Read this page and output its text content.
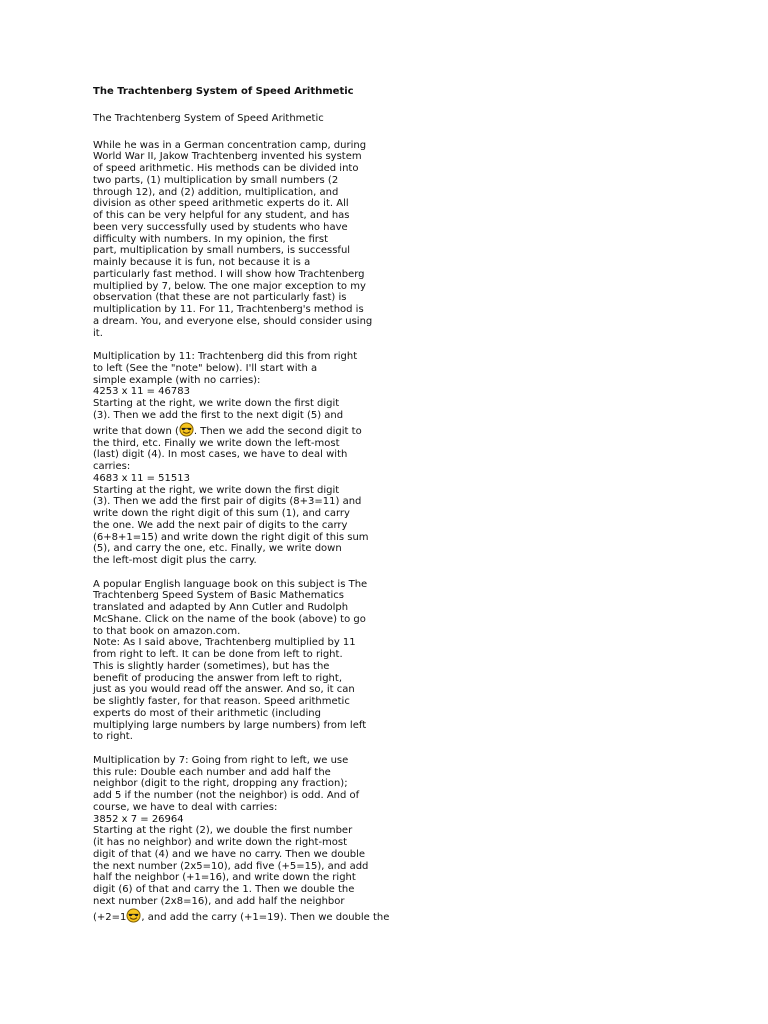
The Trachtenberg System of Speed Arithmetic
The Trachtenberg System of Speed Arithmetic
While he was in a German concentration camp, during
World War II, Jakow Trachtenberg invented his system
of speed arithmetic. His methods can be divided into
two parts, (1) multiplication by small numbers (2
through 12), and (2) addition, multiplication, and
division as other speed arithmetic experts do it. All
of this can be very helpful for any student, and has
been very successfully used by students who have
difficulty with numbers. In my opinion, the first
part, multiplication by small numbers, is successful
mainly because it is fun, not because it is a
particularly fast method. I will show how Trachtenberg
multiplied by 7, below. The one major exception to my
observation (that these are not particularly fast) is
multiplication by 11. For 11, Trachtenberg's method is
a dream. You, and everyone else, should consider using
it.
Multiplication by 11: Trachtenberg did this from right
to left (See the "note" below). I'll start with a
simple example (with no carries):
4253 x 11 = 46783
Starting at the right, we write down the first digit
(3). Then we add the first to the next digit (5) and
write that down ( . Then we add the second digit to
the third, etc. Finally we write down the left-most
(last) digit (4). In most cases, we have to deal with
carries:
4683 x 11 = 51513
Starting at the right, we write down the first digit
(3). Then we add the first pair of digits (8+3=11) and
write down the right digit of this sum (1), and carry
the one. We add the next pair of digits to the carry
(6+8+1=15) and write down the right digit of this sum
(5), and carry the one, etc. Finally, we write down
the left-most digit plus the carry.
A popular English language book on this subject is The
Trachtenberg Speed System of Basic Mathematics
translated and adapted by Ann Cutler and Rudolph
McShane. Click on the name of the book (above) to go
to that book on amazon.com.
Note: As I said above, Trachtenberg multiplied by 11
from right to left. It can be done from left to right.
This is slightly harder (sometimes), but has the
benefit of producing the answer from left to right,
just as you would read off the answer. And so, it can
be slightly faster, for that reason. Speed arithmetic
experts do most of their arithmetic (including
multiplying large numbers by large numbers) from left
to right.
Multiplication by 7: Going from right to left, we use
this rule: Double each number and add half the
neighbor (digit to the right, dropping any fraction);
add 5 if the number (not the neighbor) is odd. And of
course, we have to deal with carries:
3852 x 7 = 26964
Starting at the right (2), we double the first number
(it has no neighbor) and write down the right-most
digit of that (4) and we have no carry. Then we double
the next number (2x5=10), add five (+5=15), and add
half the neighbor (+1=16), and write down the right
digit (6) of that and carry the 1. Then we double the
next number (2x8=16), and add half the neighbor
(+2=1 , and add the carry (+1=19). Then we double the
